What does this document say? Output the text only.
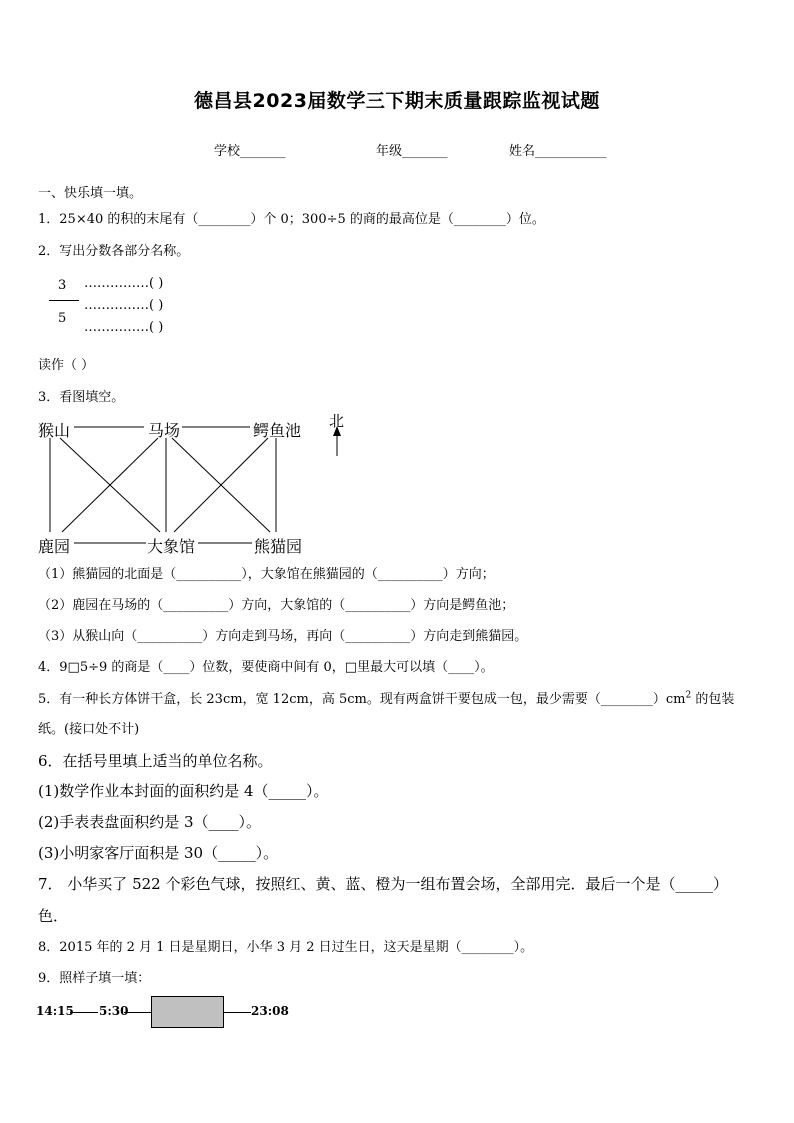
德昌县2023届数学三下期末质量跟踪监视试题
学校_______	年级_______	姓名___________
一、快乐填一填。
1．25×40 的积的末尾有（________）个 0；300÷5 的商的最高位是（________）位。
2．写出分数各部分名称。
3
5
……………( )
……………( )
……………( )
读作（ ）
3．看图填空。
猴山	马场	鳄鱼池 北
鹿园	大象馆	熊猫园
（1）熊猫园的北面是（__________），大象馆在熊猫园的（__________）方向；
（2）鹿园在马场的（__________）方向，大象馆的（__________）方向是鳄鱼池；
（3）从猴山向（__________）方向走到马场，再向（__________）方向走到熊猫园。
4．9□5÷9 的商是（____）位数，要使商中间有 0，□里最大可以填（____）。
5．有一种长方体饼干盒，长 23cm，宽 12cm，高 5cm。现有两盒饼干要包成一包，最少需要$(\_\_\_\_\_\_\_\_)cm^2$ 的包装
纸。(接口处不计)
6．在括号里填上适当的单位名称。
(1)数学作业本封面的面积约是 4（_____）。
(2)手表表盘面积约是 3（____）。
(3)小明家客厅面积是 30（_____）。
7． 小华买了 522 个彩色气球，按照红、黄、蓝、橙为一组布置会场，全部用完．最后一个是（_____）
色．
8．2015 年的 2 月 1 日是星期日，小华 3 月 2 日过生日，这天是星期（________）。
9．照样子填一填：
14:15 5:30	23:08
